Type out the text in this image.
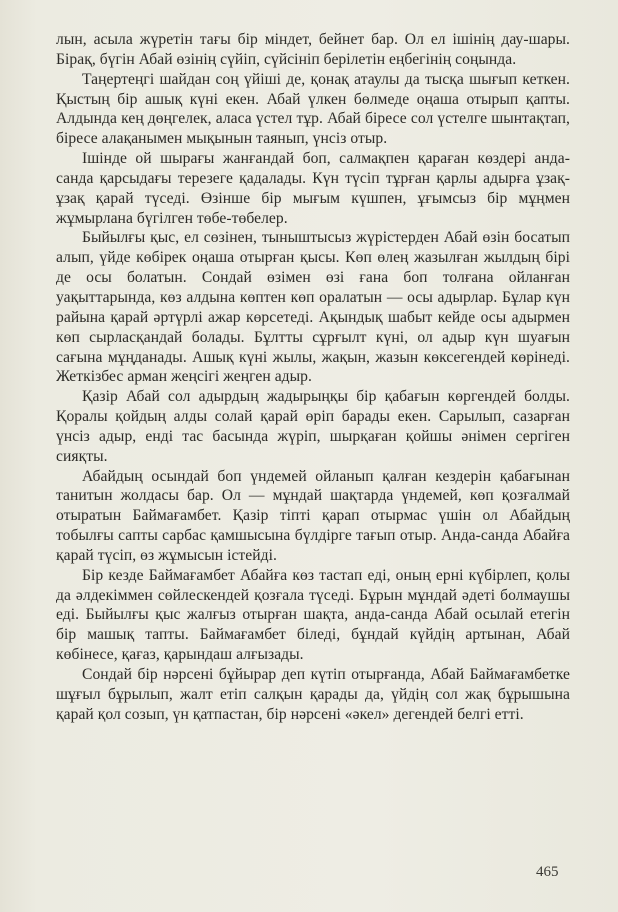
лын, асыла жүретін тағы бір міндет, бейнет бар. Ол ел ішінің дау-шары. Бірақ, бүгін Абай өзінің сүйіп, сүйсініп берілетін еңбегінің соңында.

Таңертеңгі шайдан соң үйіші де, қонақ атаулы да тысқа шығып кеткен. Қыстың бір ашық күні екен. Абай үлкен бөлмеде оңаша отырып қапты. Алдында кең дөңгелек, аласа үстел тұр. Абай біресе сол үстелге шынтақтап, біресе алақанымен мықынын таянып, үнсіз отыр.

Ішінде ой шырағы жанғандай боп, салмақпен қараған көздері анда-санда қарсыдағы терезеге қадалады. Күн түсіп тұрған қарлы адырға ұзақ-ұзақ қарай түседі. Өзінше бір мығым күшпен, ұғымсыз бір мұңмен жұмырлана бүгілген төбе-төбелер.

Быйылғы қыс, ел сөзінен, тыныштысыз жүрістерден Абай өзін босатып алып, үйде көбірек оңаша отырған қысы. Көп өлең жазылған жылдың бірі де осы болатын. Сондай өзімен өзі ғана боп толғана ойланған уақыттарында, көз алдына көптен көп оралатын — осы адырлар. Бұлар күн райына қарай әртүрлі ажар көрсетеді. Ақындық шабыт кейде осы адырмен көп сырласқандай болады. Бұлтты сұрғылт күні, ол адыр күн шуағын сағына мұңданады. Ашық күні жылы, жақын, жазын көксегендей көрінеді. Жеткізбес арман жеңсігі жеңген адыр.

Қазір Абай сол адырдың жадырыңқы бір қабағын көргендей болды. Қоралы қойдың алды солай қарай өріп барады екен. Сарылып, сазарған үнсіз адыр, енді тас басында жүріп, шырқаған қойшы әнімен сергіген сияқты.

Абайдың осындай боп үндемей ойланып қалған кездерін қабағынан танитын жолдасы бар. Ол — мұндай шақтарда үндемей, көп қозғалмай отыратын Баймағамбет. Қазір тіпті қарап отырмас үшін ол Абайдың тобылғы сапты сарбас қамшысына бүлдірге тағып отыр. Анда-санда Абайға қарай түсіп, өз жұмысын істейді.

Бір кезде Баймағамбет Абайға көз тастап еді, оның ерні күбірлеп, қолы да әлдекіммен сөйлескендей қозғала түседі. Бұрын мұндай әдеті болмаушы еді. Быйылғы қыс жалғыз отырған шақта, анда-санда Абай осылай етегін бір машық тапты. Баймағамбет біледі, бұндай күйдің артынан, Абай көбінесе, қағаз, қарындаш алғызады.

Сондай бір нәрсені бұйырар деп күтіп отырғанда, Абай Баймағамбетке шұғыл бұрылып, жалт етіп салқын қарады да, үйдің сол жақ бұрышына қарай қол созып, үн қатпастан, бір нәрсені «әкел» дегендей белгі етті.

465
